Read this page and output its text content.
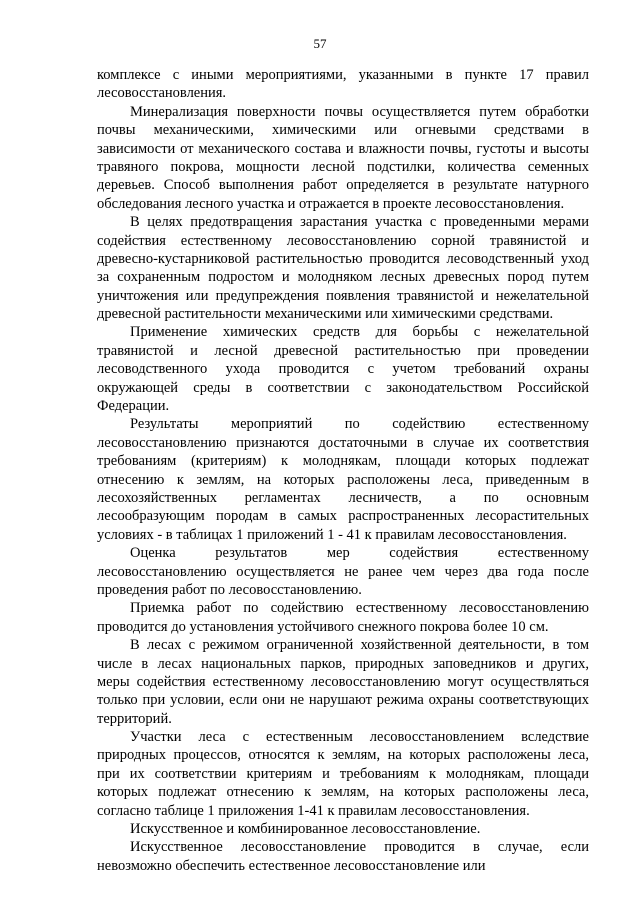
57
комплексе с иными мероприятиями, указанными в пункте 17 правил
лесовосстановления.
Минерализация поверхности почвы осуществляется путем обработки
почвы механическими, химическими или огневыми средствами в
зависимости от механического состава и влажности почвы, густоты и высоты
травяного покрова, мощности лесной подстилки, количества семенных
деревьев. Способ выполнения работ определяется в результате натурного
обследования лесного участка и отражается в проекте лесовосстановления.
В целях предотвращения зарастания участка с проведенными мерами
содействия естественному лесовосстановлению сорной травянистой и
древесно-кустарниковой растительностью проводится лесоводственный уход
за сохраненным подростом и молодняком лесных древесных пород путем
уничтожения или предупреждения появления травянистой и нежелательной
древесной растительности механическими или химическими средствами.
Применение химических средств для борьбы с нежелательной
травянистой и лесной древесной растительностью при проведении
лесоводственного ухода проводится с учетом требований охраны
окружающей среды в соответствии с законодательством Российской
Федерации.
Результаты мероприятий по содействию естественному
лесовосстановлению признаются достаточными в случае их соответствия
требованиям (критериям) к молоднякам, площади которых подлежат
отнесению к землям, на которых расположены леса, приведенным в
лесохозяйственных регламентах лесничеств, а по основным
лесообразующим породам в самых распространенных лесорастительных
условиях - в таблицах 1 приложений 1 - 41 к правилам лесовосстановления.
Оценка результатов мер содействия естественному
лесовосстановлению осуществляется не ранее чем через два года после
проведения работ по лесовосстановлению.
Приемка работ по содействию естественному лесовосстановлению
проводится до установления устойчивого снежного покрова более 10 см.
В лесах с режимом ограниченной хозяйственной деятельности, в том
числе в лесах национальных парков, природных заповедников и других,
меры содействия естественному лесовосстановлению могут осуществляться
только при условии, если они не нарушают режима охраны соответствующих
территорий.
Участки леса с естественным лесовосстановлением вследствие
природных процессов, относятся к землям, на которых расположены леса,
при их соответствии критериям и требованиям к молоднякам, площади
которых подлежат отнесению к землям, на которых расположены леса,
согласно таблице 1 приложения 1-41 к правилам лесовосстановления.
Искусственное и комбинированное лесовосстановление.
Искусственное лесовосстановление проводится в случае, если
невозможно обеспечить естественное лесовосстановление или
